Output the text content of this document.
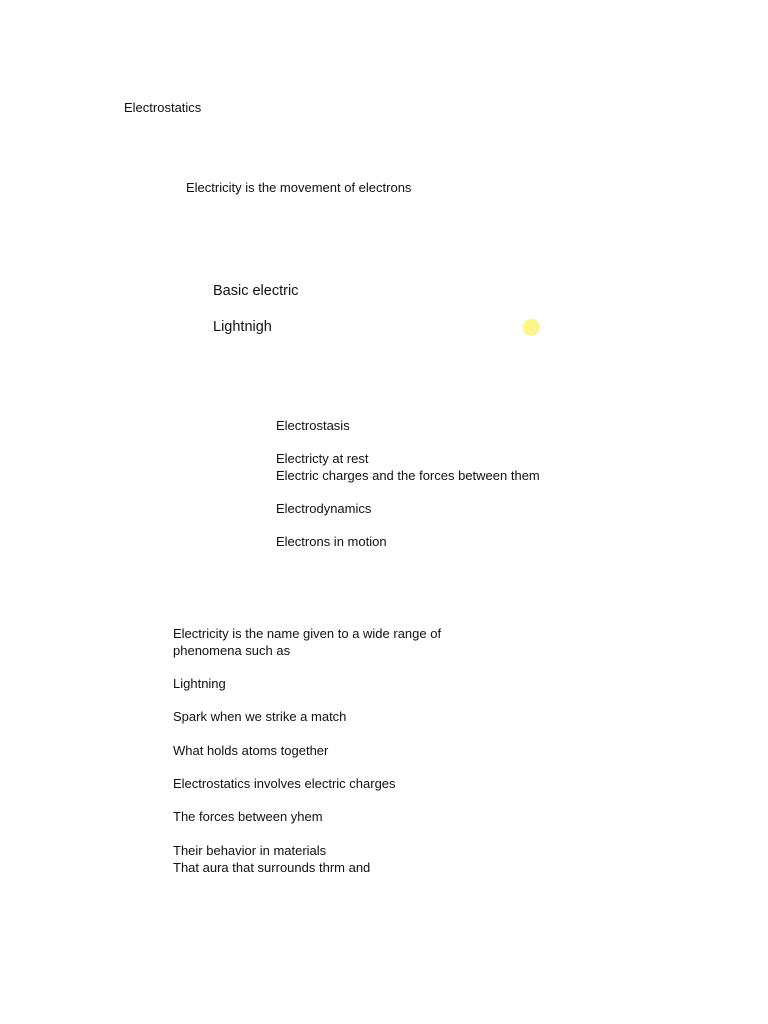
Electrostatics
Electricity is the movement of electrons
Basic electric
Lightnigh
Electrostasis
Electricty at rest
Electric charges and the forces between them
Electrodynamics
Electrons in motion
Electricity is the name given to a wide range of
phenomena such as
Lightning
Spark when we strike a match
What holds atoms together
Electrostatics involves electric charges
The forces between yhem
Their behavior in materials
That aura that surrounds thrm and
